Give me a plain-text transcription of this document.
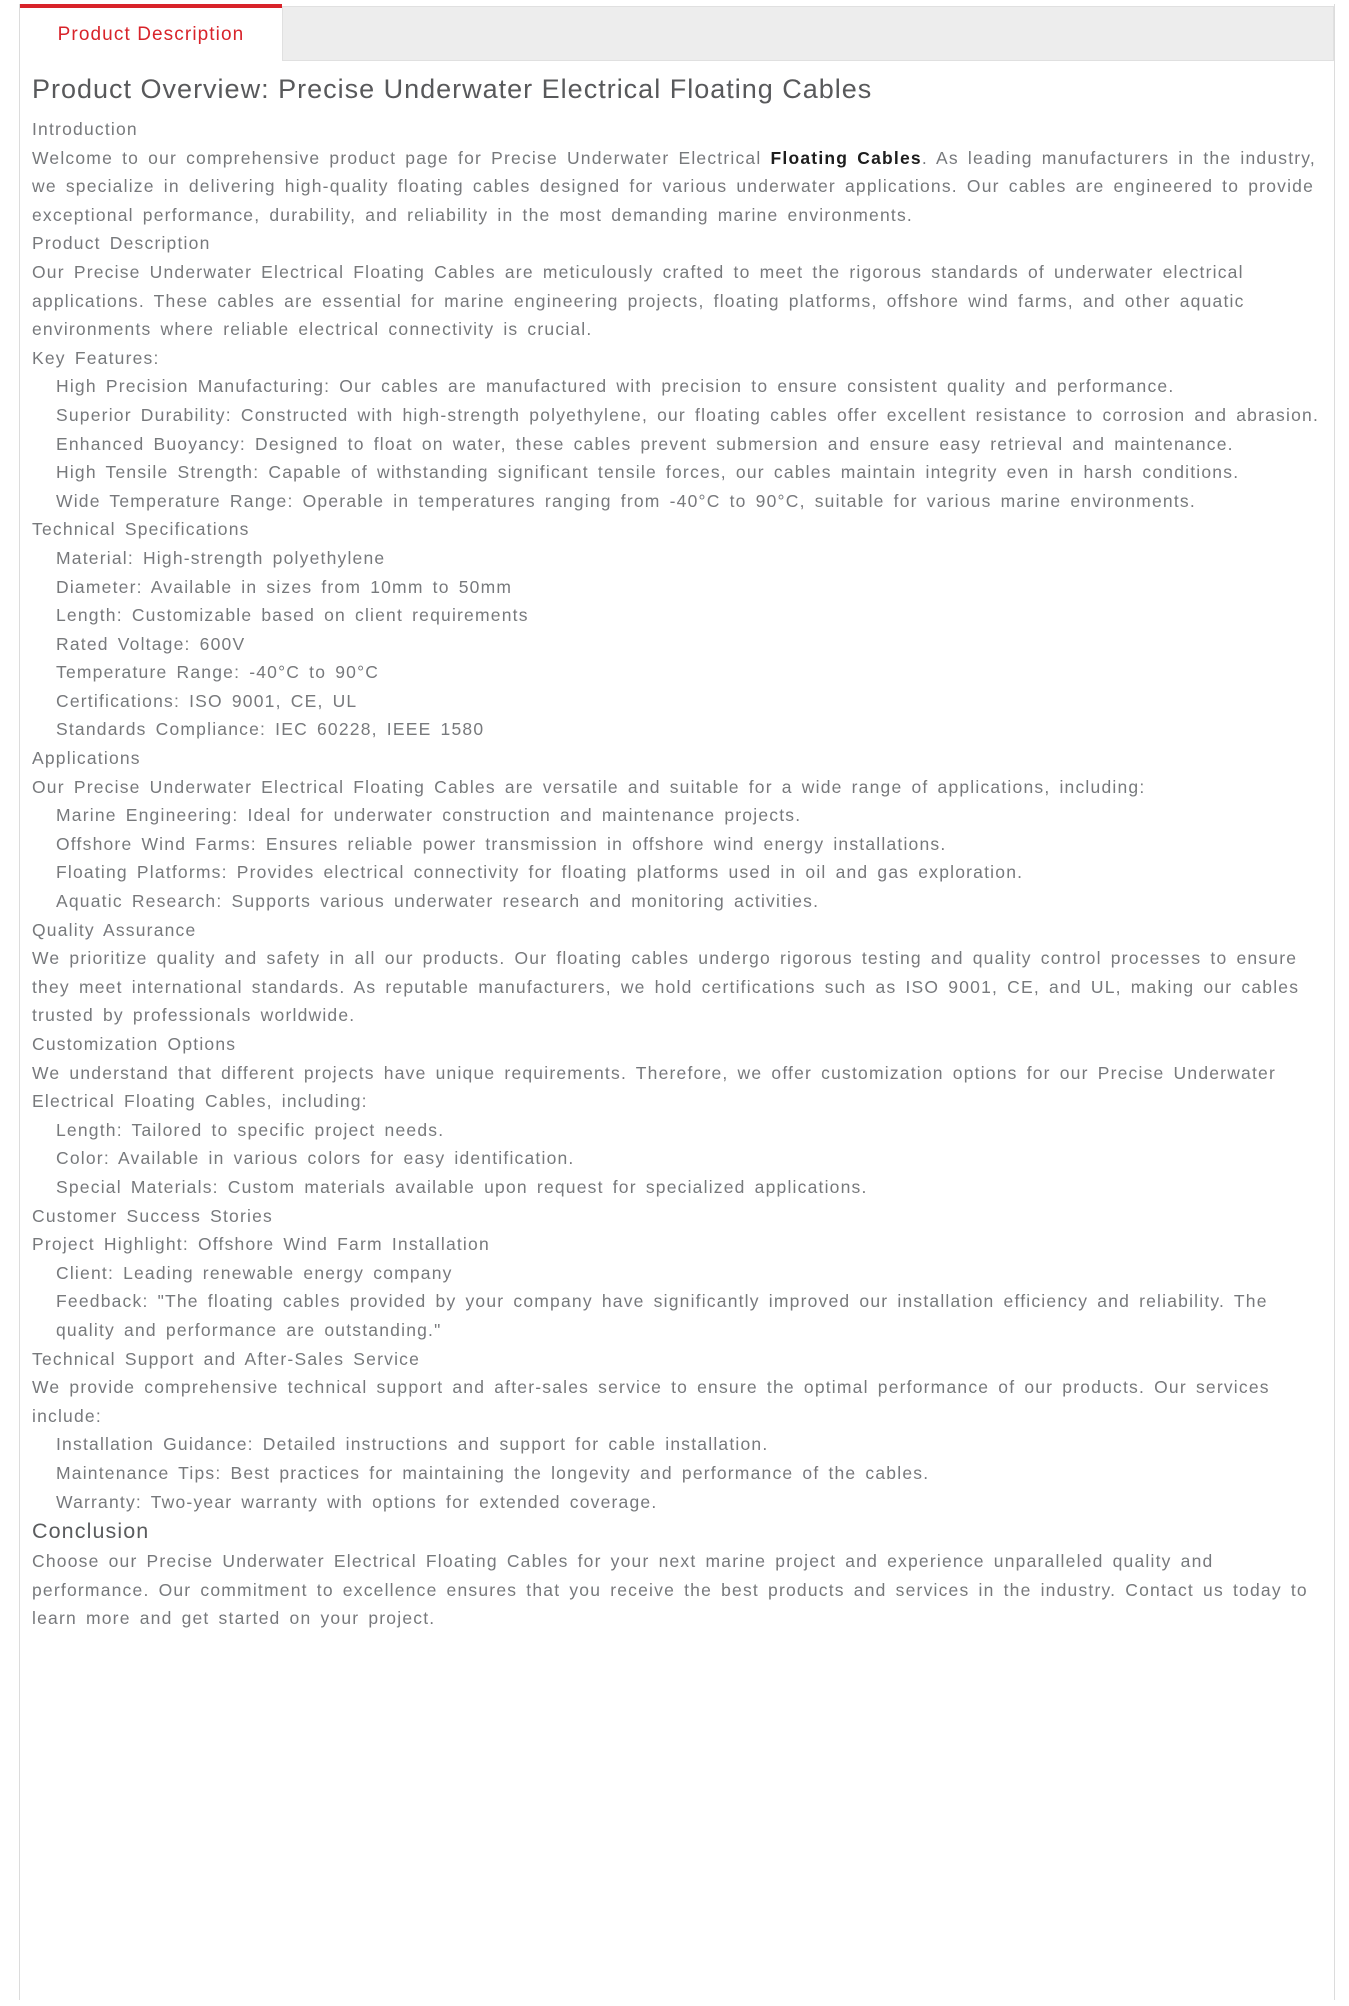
Product Description
Product Overview: Precise Underwater Electrical Floating Cables

Introduction

Welcome to our comprehensive product page for Precise Underwater Electrical Floating Cables. As leading manufacturers in the industry, we specialize in delivering high-quality floating cables designed for various underwater applications. Our cables are engineered to provide exceptional performance, durability, and reliability in the most demanding marine environments.

Product Description

Our Precise Underwater Electrical Floating Cables are meticulously crafted to meet the rigorous standards of underwater electrical applications. These cables are essential for marine engineering projects, floating platforms, offshore wind farms, and other aquatic environments where reliable electrical connectivity is crucial.

Key Features:

High Precision Manufacturing: Our cables are manufactured with precision to ensure consistent quality and performance.

Superior Durability: Constructed with high-strength polyethylene, our floating cables offer excellent resistance to corrosion and abrasion.

Enhanced Buoyancy: Designed to float on water, these cables prevent submersion and ensure easy retrieval and maintenance.

High Tensile Strength: Capable of withstanding significant tensile forces, our cables maintain integrity even in harsh conditions.

Wide Temperature Range: Operable in temperatures ranging from -40°C to 90°C, suitable for various marine environments.

Technical Specifications

Material: High-strength polyethylene

Diameter: Available in sizes from 10mm to 50mm

Length: Customizable based on client requirements

Rated Voltage: 600V

Temperature Range: -40°C to 90°C

Certifications: ISO 9001, CE, UL

Standards Compliance: IEC 60228, IEEE 1580

Applications

Our Precise Underwater Electrical Floating Cables are versatile and suitable for a wide range of applications, including:

Marine Engineering: Ideal for underwater construction and maintenance projects.

Offshore Wind Farms: Ensures reliable power transmission in offshore wind energy installations.

Floating Platforms: Provides electrical connectivity for floating platforms used in oil and gas exploration.

Aquatic Research: Supports various underwater research and monitoring activities.

Quality Assurance

We prioritize quality and safety in all our products. Our floating cables undergo rigorous testing and quality control processes to ensure they meet international standards. As reputable manufacturers, we hold certifications such as ISO 9001, CE, and UL, making our cables trusted by professionals worldwide.

Customization Options

We understand that different projects have unique requirements. Therefore, we offer customization options for our Precise Underwater Electrical Floating Cables, including:

Length: Tailored to specific project needs.

Color: Available in various colors for easy identification.

Special Materials: Custom materials available upon request for specialized applications.

Customer Success Stories

Project Highlight: Offshore Wind Farm Installation

Client: Leading renewable energy company

Feedback: "The floating cables provided by your company have significantly improved our installation efficiency and reliability. The quality and performance are outstanding."

Technical Support and After-Sales Service

We provide comprehensive technical support and after-sales service to ensure the optimal performance of our products. Our services include:

Installation Guidance: Detailed instructions and support for cable installation.

Maintenance Tips: Best practices for maintaining the longevity and performance of the cables.

Warranty: Two-year warranty with options for extended coverage.

Conclusion

Choose our Precise Underwater Electrical Floating Cables for your next marine project and experience unparalleled quality and performance. Our commitment to excellence ensures that you receive the best products and services in the industry. Contact us today to learn more and get started on your project.
